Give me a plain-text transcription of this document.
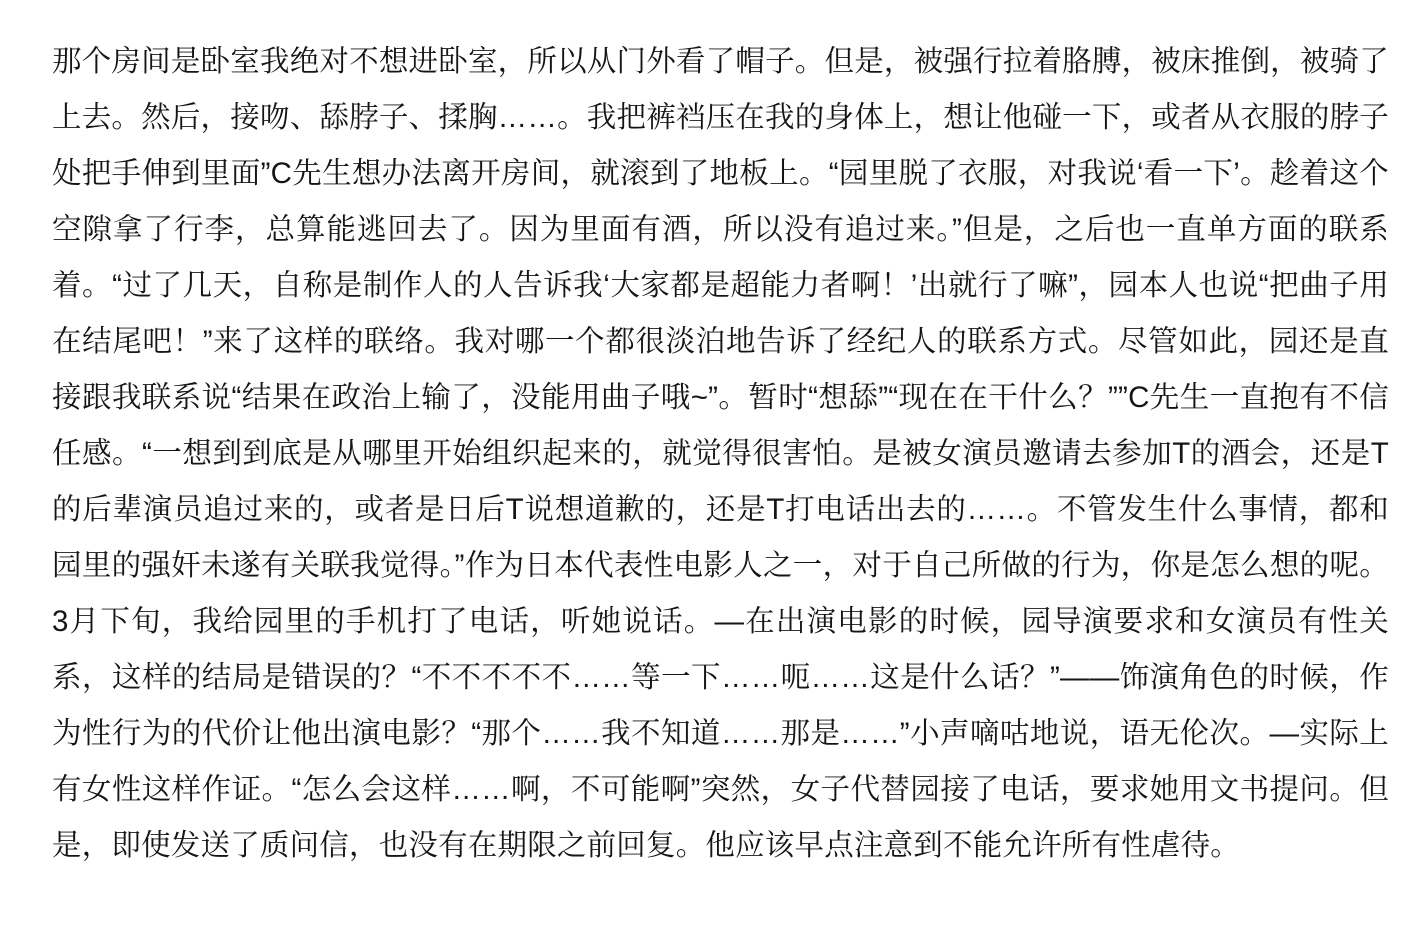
那个房间是卧室我绝对不想进卧室，所以从门外看了帽子。但是，被强行拉着胳膊，被床推倒，被骑了上去。然后，接吻、舔脖子、揉胸……。我把裤裆压在我的身体上，想让他碰一下，或者从衣服的脖子处把手伸到里面”C先生想办法离开房间，就滚到了地板上。“园里脱了衣服，对我说‘看一下’。趁着这个空隙拿了行李，总算能逃回去了。因为里面有酒，所以没有追过来。”但是，之后也一直单方面的联系着。“过了几天，自称是制作人的人告诉我‘大家都是超能力者啊！’出就行了嘛”，园本人也说“把曲子用在结尾吧！”来了这样的联络。我对哪一个都很淡泊地告诉了经纪人的联系方式。尽管如此，园还是直接跟我联系说“结果在政治上输了，没能用曲子哦~”。暂时“想舔”“现在在干什么？””C先生一直抱有不信任感。“一想到到底是从哪里开始组织起来的，就觉得很害怕。是被女演员邀请去参加T的酒会，还是T的后辈演员追过来的，或者是日后T说想道歉的，还是T打电话出去的……。不管发生什么事情，都和园里的强奸未遂有关联我觉得。”作为日本代表性电影人之一，对于自己所做的行为，你是怎么想的呢。3月下旬，我给园里的手机打了电话，听她说话。—在出演电影的时候，园导演要求和女演员有性关系，这样的结局是错误的？“不不不不不……等一下……呃……这是什么话？”——饰演角色的时候，作为性行为的代价让他出演电影？“那个……我不知道……那是……”小声嘀咕地说，语无伦次。—实际上有女性这样作证。“怎么会这样……啊，不可能啊”突然，女子代替园接了电话，要求她用文书提问。但是，即使发送了质问信，也没有在期限之前回复。他应该早点注意到不能允许所有性虐待。
